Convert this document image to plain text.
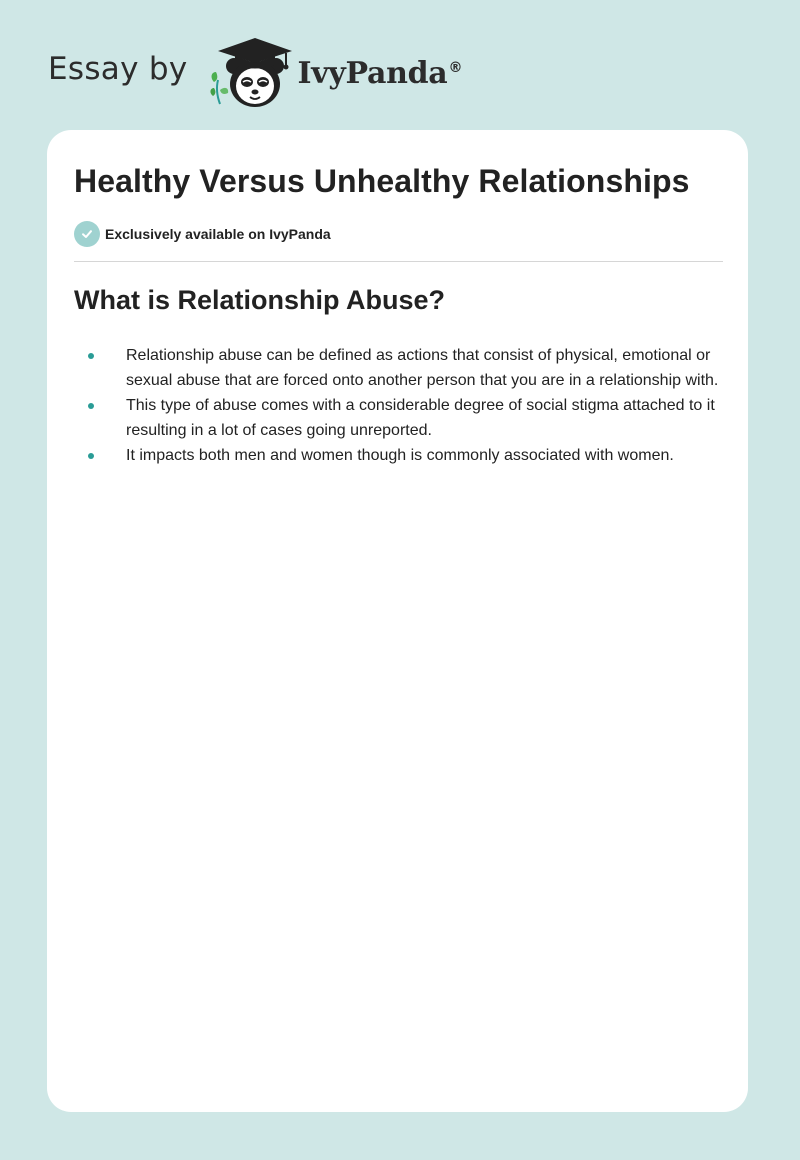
Essay by	IvyPanda®
Healthy Versus Unhealthy Relationships
Exclusively available on IvyPanda
What is Relationship Abuse?
Relationship abuse can be defined as actions that consist of physical, emotional or sexual abuse that are forced onto another person that you are in a relationship with.
This type of abuse comes with a considerable degree of social stigma attached to it resulting in a lot of cases going unreported.
It impacts both men and women though is commonly associated with women.
